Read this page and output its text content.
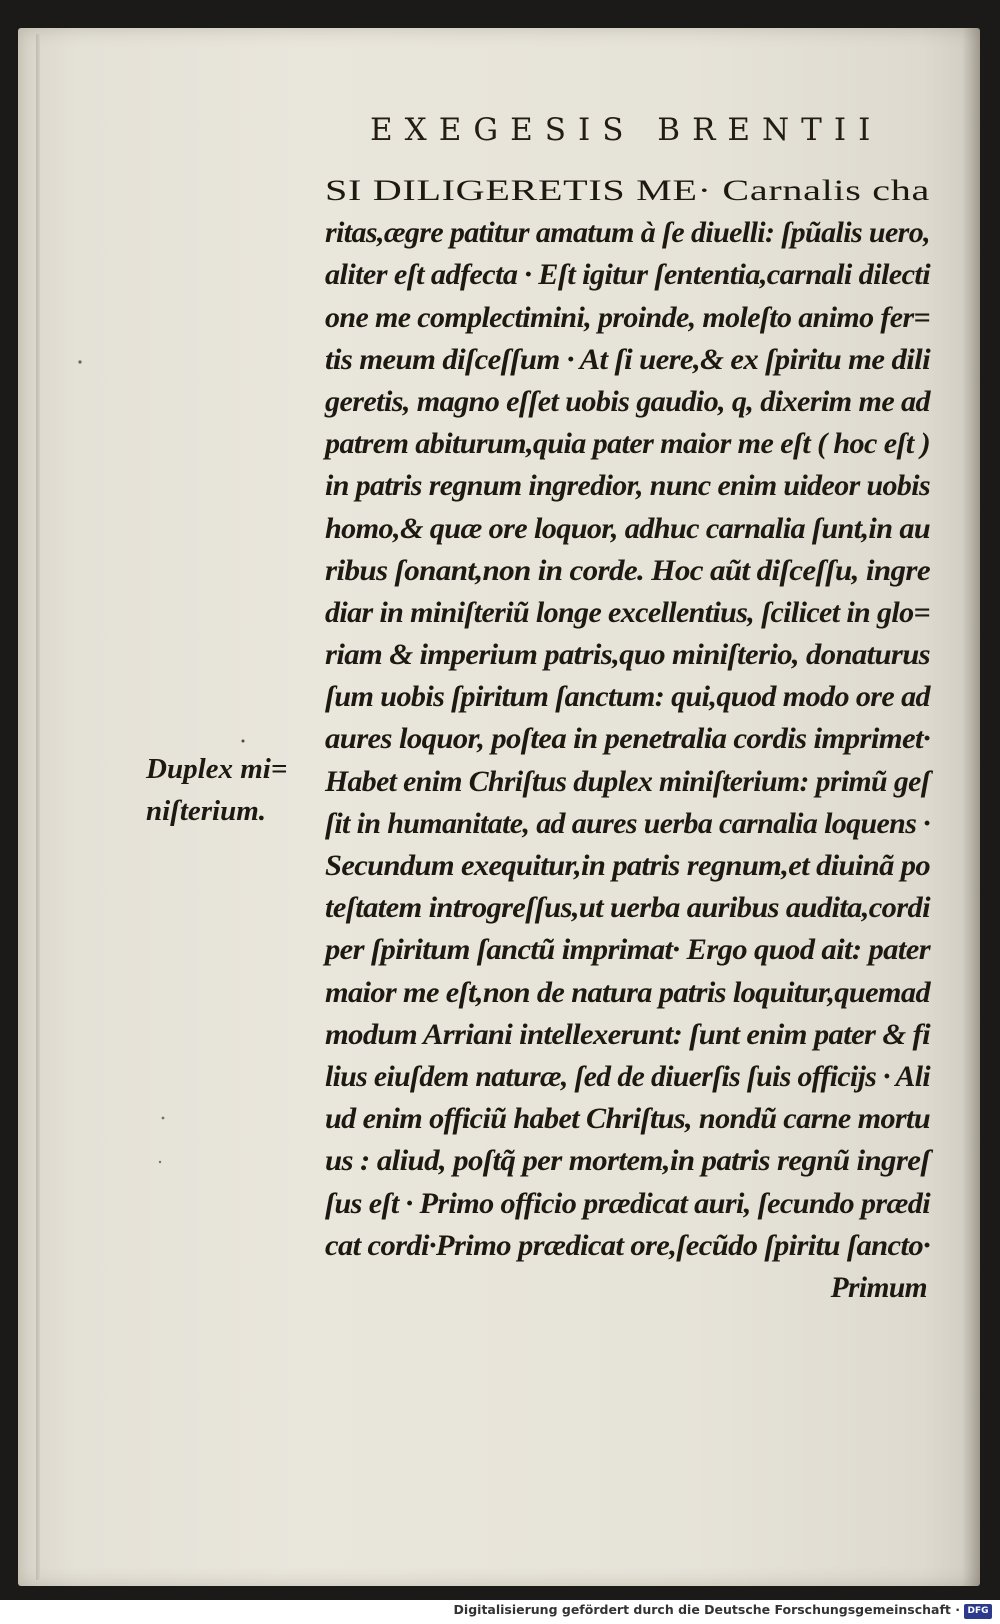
EXEGESIS BRENTII
SI DILIGERETIS ME· Carnalis cha
ritas,ægre patitur amatum à ſe diuelli: ſpũalis uero,
aliter eſt adfecta · Eſt igitur ſententia,carnali dilecti
one me complectimini, proinde, moleſto animo fer=
tis meum diſceſſum · At ſi uere,& ex ſpiritu me dili
geretis, magno eſſet uobis gaudio, q, dixerim me ad
patrem abiturum,quia pater maior me eſt ( hoc eſt )
in patris regnum ingredior, nunc enim uideor uobis
homo,& quæ ore loquor, adhuc carnalia ſunt,in au
ribus ſonant,non in corde. Hoc aũt diſceſſu, ingre
diar in miniſteriũ longe excellentius, ſcilicet in glo=
riam & imperium patris,quo miniſterio, donaturus
ſum uobis ſpiritum ſanctum: qui,quod modo ore ad
aures loquor, poſtea in penetralia cordis imprimet·
Habet enim Chriſtus duplex miniſterium: primũ geſ
ſit in humanitate, ad aures uerba carnalia loquens ·
Secundum exequitur,in patris regnum,et diuinã po
teſtatem introgreſſus,ut uerba auribus audita,cordi
per ſpiritum ſanctũ imprimat· Ergo quod ait: pater
maior me eſt,non de natura patris loquitur,quemad
modum Arriani intellexerunt: ſunt enim pater & fi
lius eiuſdem naturæ, ſed de diuerſis ſuis officijs · Ali
ud enim officiũ habet Chriſtus, nondũ carne mortu
us : aliud, poſtq̃ per mortem,in patris regnũ ingreſ
ſus eſt · Primo officio prædicat auri, ſecundo prædi
cat cordi·Primo prædicat ore,ſecũdo ſpiritu ſancto·
Primum
Duplex mi=
niſterium.
Digitalisierung gefördert durch die Deutsche Forschungsgemeinschaft · DFG
